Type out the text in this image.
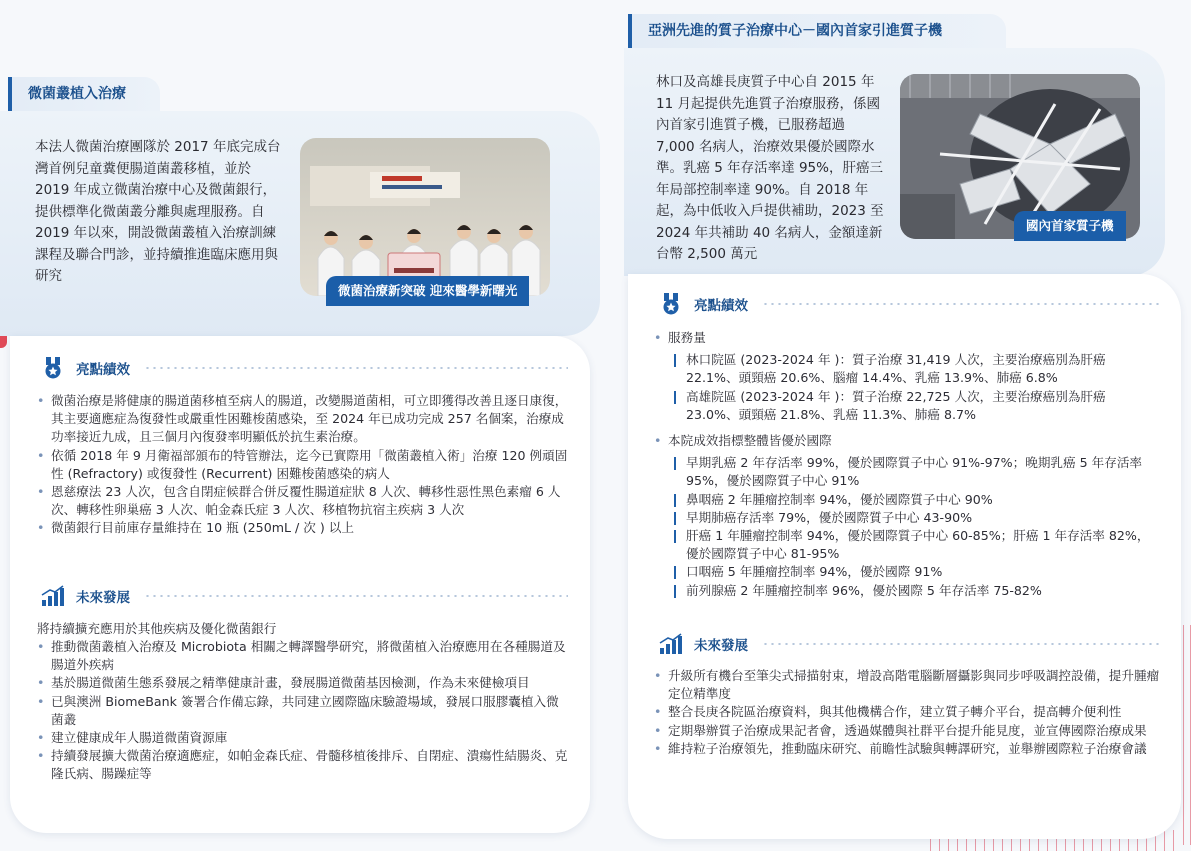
微菌叢植入治療
本法人微菌治療團隊於 2017 年底完成台灣首例兒童糞便腸道菌叢移植，並於 2019 年成立微菌治療中心及微菌銀行，提供標準化微菌叢分離與處理服務。自 2019 年以來，開設微菌叢植入治療訓練課程及聯合門診，並持續推進臨床應用與研究
微菌治療新突破 迎來醫學新曙光
亮點績效
• 微菌治療是將健康的腸道菌移植至病人的腸道，改變腸道菌相，可立即獲得改善且逐日康復，其主要適應症為復發性或嚴重性困難梭菌感染，至 2024 年已成功完成 257 名個案，治療成功率接近九成，且三個月內復發率明顯低於抗生素治療。
• 依循 2018 年 9 月衛福部頒布的特管辦法，迄今已實際用「微菌叢植入術」治療 120 例頑固性 (Refractory) 或復發性 (Recurrent) 困難梭菌感染的病人
• 恩慈療法 23 人次，包含自閉症候群合併反覆性腸道症狀 8 人次、轉移性惡性黑色素瘤 6 人次、轉移性卵巢癌 3 人次、帕金森氏症 3 人次、移植物抗宿主疾病 3 人次
• 微菌銀行目前庫存量維持在 10 瓶 (250mL / 次 ) 以上
未來發展
將持續擴充應用於其他疾病及優化微菌銀行
• 推動微菌叢植入治療及 Microbiota 相關之轉譯醫學研究，將微菌植入治療應用在各種腸道及腸道外疾病
• 基於腸道微菌生態系發展之精準健康計畫，發展腸道微菌基因檢測，作為未來健檢項目
• 已與澳洲 BiomeBank 簽署合作備忘錄，共同建立國際臨床驗證場域，發展口服膠囊植入微菌叢
• 建立健康成年人腸道微菌資源庫
• 持續發展擴大微菌治療適應症，如帕金森氏症、骨髓移植後排斥、自閉症、潰瘍性結腸炎、克隆氏病、腸躁症等
亞洲先進的質子治療中心－國內首家引進質子機
林口及高雄長庚質子中心自 2015 年 11 月起提供先進質子治療服務，係國內首家引進質子機，已服務超過 7,000 名病人，治療效果優於國際水準。乳癌 5 年存活率達 95%，肝癌三年局部控制率達 90%。自 2018 年起，為中低收入戶提供補助，2023 至 2024 年共補助 40 名病人，金額達新台幣 2,500 萬元
國內首家質子機
亮點績效
• 服務量
林口院區 (2023-2024 年 )：質子治療 31,419 人次，主要治療癌別為肝癌 22.1%、頭頸癌 20.6%、腦瘤 14.4%、乳癌 13.9%、肺癌 6.8%
高雄院區 (2023-2024 年 )：質子治療 22,725 人次，主要治療癌別為肝癌 23.0%、頭頸癌 21.8%、乳癌 11.3%、肺癌 8.7%
• 本院成效指標整體皆優於國際
早期乳癌 2 年存活率 99%，優於國際質子中心 91%-97%；晚期乳癌 5 年存活率 95%，優於國際質子中心 91%
鼻咽癌 2 年腫瘤控制率 94%，優於國際質子中心 90%
早期肺癌存活率 79%，優於國際質子中心 43-90%
肝癌 1 年腫瘤控制率 94%，優於國際質子中心 60-85%；肝癌 1 年存活率 82%，優於國際質子中心 81-95%
口咽癌 5 年腫瘤控制率 94%，優於國際 91%
前列腺癌 2 年腫瘤控制率 96%，優於國際 5 年存活率 75-82%
未來發展
• 升級所有機台至筆尖式掃描射束，增設高階電腦斷層攝影與同步呼吸調控設備，提升腫瘤定位精準度
• 整合長庚各院區治療資料，與其他機構合作，建立質子轉介平台，提高轉介便利性
• 定期舉辦質子治療成果記者會，透過媒體與社群平台提升能見度，並宣傳國際治療成果
• 維持粒子治療領先，推動臨床研究、前瞻性試驗與轉譯研究，並舉辦國際粒子治療會議
